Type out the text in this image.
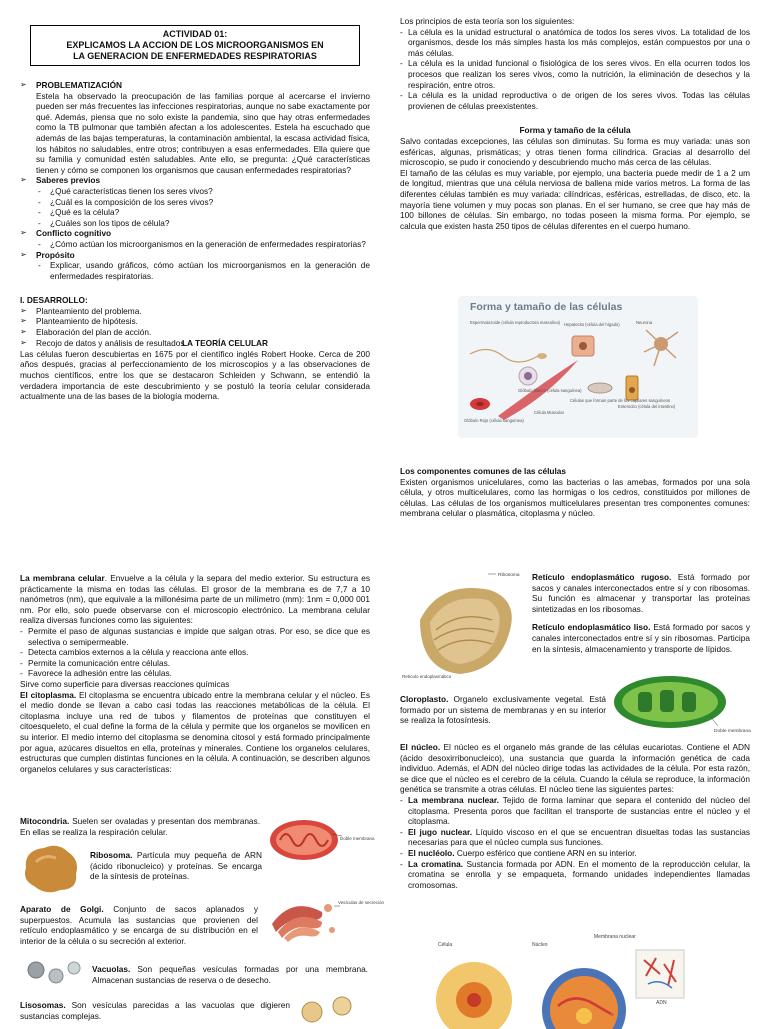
ACTIVIDAD 01:
EXPLICAMOS LA ACCION DE LOS MICROORGANISMOS EN
LA GENERACION DE ENFERMEDADES RESPIRATORIAS
➢ PROBLEMATIZACIÓN

Estela ha observado la preocupación de las familias porque al acercarse el invierno pueden ser más frecuentes las infecciones respiratorias, aunque no sabe exactamente por qué. Además, piensa que no solo existe la pandemia, sino que hay otras enfermedades como la TB pulmonar que también afectan a los adolescentes. Estela ha escuchado que además de las bajas temperaturas, la contaminación ambiental, la escasa actividad física, los hábitos no saludables, entre otros; contribuyen a esas enfermedades. Ella quiere que su familia y comunidad estén saludables. Ante ello, se pregunta: ¿Qué características tienen y cómo se componen los organismos que causan enfermedades respiratorias?

➢ Saberes previos
- ¿Qué características tienen los seres vivos?
- ¿Cuál es la composición de los seres vivos?
- ¿Qué es la célula?
- ¿Cuáles son los tipos de célula?
➢ Conflicto cognitivo
- ¿Cómo actúan los microorganismos en la generación de enfermedades respiratorias?
➢ Propósito
- Explicar, usando gráficos, cómo actúan los microorganismos en la generación de enfermedades respiratorias.

I. DESARROLLO:

➢ Planteamiento del problema.
➢ Planteamiento de hipótesis.
➢ Elaboración del plan de acción.
➢ Recojo de datos y análisis de resultados.

LA TEORÍA CELULAR

Las células fueron descubiertas en 1675 por el científico inglés Robert Hooke. Cerca de 200 años después, gracias al perfeccionamiento de los microscopios y a las observaciones de muchos científicos, entre los que se destacaron Schleiden y Schwann, se entendió la verdadera importancia de este descubrimiento y se postuló la teoría celular considerada actualmente una de las bases de la biología moderna.

Los principios de esta teoría son los siguientes:

- La célula es la unidad estructural o anatómica de todos los seres vivos. La totalidad de los organismos, desde los más simples hasta los más complejos, están compuestos por una o más células.
- La célula es la unidad funcional o fisiológica de los seres vivos. En ella ocurren todos los procesos que realizan los seres vivos, como la nutrición, la eliminación de desechos y la respiración, entre otros.
- La célula es la unidad reproductiva o de origen de los seres vivos. Todas las células provienen de células preexistentes.

Forma y tamaño de la célula

Salvo contadas excepciones, las células son diminutas. Su forma es muy variada: unas son esféricas, algunas, prismáticas; y otras tienen forma cilíndrica. Gracias al desarrollo del microscopio, se pudo ir conociendo y descubriendo mucho más cerca de las células.

El tamaño de las células es muy variable, por ejemplo, una bacteria puede medir de 1 a 2 um de longitud, mientras que una célula nerviosa de ballena mide varios metros. La forma de las diferentes células también es muy variada: cilíndricas, esféricas, estrelladas, de disco, etc. la mayoría tiene volumen y muy pocas son planas. En el ser humano, se cree que hay más de 100 billones de células. Sin embargo, no todas poseen la misma forma. Por ejemplo, se calcula que existen hasta 250 tipos de células diferentes en el cuerpo humano.

Forma y tamaño de las células
Espermatozoide (célula reproductora masculina) Hepatocito (célula del hígado)	Neurona
Glóbulo blanco (célula sanguínea)
Glóbulo Rojo (célula sanguínea)
Célula Muscular
Células que forman parte de los capilares sanguíneos
Enterocito (célula del intestino)

Los componentes comunes de las células

Existen organismos unicelulares, como las bacterias o las amebas, formados por una sola célula, y otros multicelulares, como las hormigas o los cedros, constituidos por millones de células. Las células de los organismos multicelulares presentan tres componentes comunes: membrana celular o plasmática, citoplasma y núcleo.

La membrana celular. Envuelve a la célula y la separa del medio exterior. Su estructura es prácticamente la misma en todas las células. El grosor de la membrana es de 7,7 a 10 nanómetros (nm), que equivale a la millonésima parte de un milímetro (mm): 1nm = 0,000 001 nm. Por ello, solo puede observarse con el microscopio electrónico. La membrana celular realiza diversas funciones como las siguientes:

- Permite el paso de algunas sustancias e impide que salgan otras. Por eso, se dice que es selectiva o semipermeable.
- Detecta cambios externos a la célula y reacciona ante ellos.
- Permite la comunicación entre células.
- Favorece la adhesión entre las células.

Sirve como superficie para diversas reacciones químicas

El citoplasma. El citoplasma se encuentra ubicado entre la membrana celular y el núcleo. Es el medio donde se llevan a cabo casi todas las reacciones metabólicas de la célula. El citoplasma incluye una red de tubos y filamentos de proteínas que constituyen el citoesqueleto, el cual define la forma de la célula y permite que los organelos se movilicen en su interior. El medio interno del citoplasma se denomina citosol y está formado principalmente por agua, azúcares disueltos en ella, proteínas y minerales. Contiene los organelos celulares, estructuras que cumplen distintas funciones en la célula. A continuación, se describen algunos organelos celulares y sus características:

Mitocondria. Suelen ser ovaladas y presentan dos membranas. En ellas se realiza la respiración celular.

Ribosoma. Partícula muy pequeña de ARN (ácido ribonucleico) y proteínas. Se encarga de la síntesis de proteínas.

Doble membrana

Aparato de Golgi. Conjunto de sacos aplanados y superpuestos. Acumula las sustancias que provienen del retículo endoplasmático y se encarga de su distribución en el interior de la célula o su secreción al exterior.

Vesículas de secreción

Vacuolas. Son pequeñas vesículas formadas por una membrana. Almacenan sustancias de reserva o de desecho.

Lisosomas. Son vesículas parecidas a las vacuolas que digieren sustancias complejas.

Ribosoma
Retículo endoplasmático

Retículo endoplasmático rugoso. Está formado por sacos y canales interconectados entre sí y con ribosomas. Su función es almacenar y transportar las proteínas sintetizadas en los ribosomas.

Retículo endoplasmático liso. Está formado por sacos y canales interconectados entre sí y sin ribosomas. Participa en la síntesis, almacenamiento y transporte de lípidos.

Cloroplasto. Organelo exclusivamente vegetal. Está formado por un sistema de membranas y en su interior se realiza la fotosíntesis.

Doble membrana

El núcleo. El núcleo es el organelo más grande de las células eucariotas. Contiene el ADN (ácido desoxirribonucleico), una sustancia que guarda la información genética de cada individuo. Además, el ADN del núcleo dirige todas las actividades de la célula. Por esta razón, se dice que el núcleo es el cerebro de la célula. Cuando la célula se reproduce, la información genética se transmite a otras células. El núcleo tiene las siguientes partes:

- La membrana nuclear. Tejido de forma laminar que separa el contenido del núcleo del citoplasma. Presenta poros que facilitan el transporte de sustancias entre el núcleo y el citoplasma.
- El jugo nuclear. Líquido viscoso en el que se encuentran disueltas todas las sustancias necesarias para que el núcleo cumpla sus funciones.
- El nucléolo. Cuerpo esférico que contiene ARN en su interior.
- La cromatina. Sustancia formada por ADN. En el momento de la reproducción celular, la cromatina se enrolla y se empaqueta, formando unidades independientes llamadas cromosomas.
Célula	Núcleo
Membrana nuclear
ADN
